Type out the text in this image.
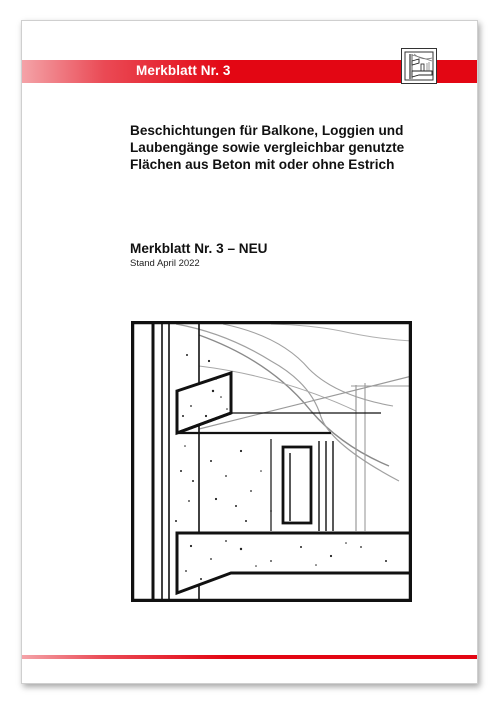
Merkblatt Nr. 3
Beschichtungen für Balkone, Loggien und Laubengänge sowie vergleichbar genutzte Flächen aus Beton mit oder ohne Estrich
Merkblatt Nr. 3 – NEU

Stand April 2022
